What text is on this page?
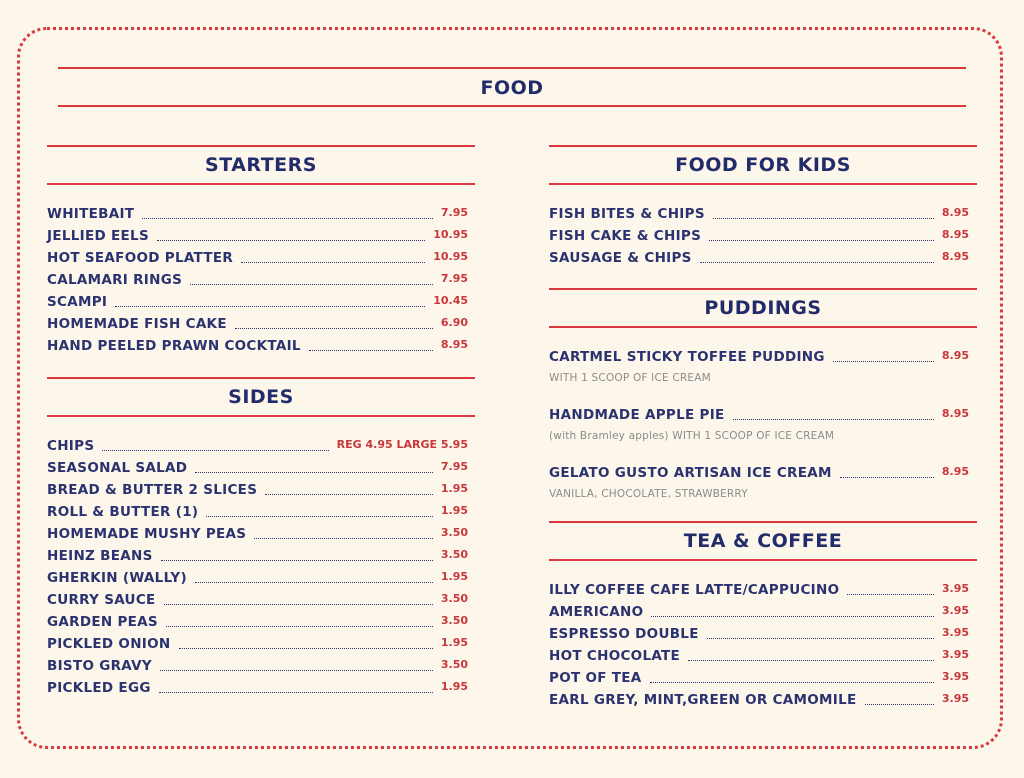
FOOD
STARTERS
WHITEBAIT	7.95
JELLIED EELS	10.95
HOT SEAFOOD PLATTER	10.95
CALAMARI RINGS	7.95
SCAMPI	10.45
HOMEMADE FISH CAKE	6.90
HAND PEELED PRAWN COCKTAIL	8.95
SIDES
CHIPS	REG 4.95 LARGE 5.95
SEASONAL SALAD	7.95
BREAD & BUTTER 2 SLICES	1.95
ROLL & BUTTER (1)	1.95
HOMEMADE MUSHY PEAS	3.50
HEINZ BEANS	3.50
GHERKIN (WALLY)	1.95
CURRY SAUCE	3.50
GARDEN PEAS	3.50
PICKLED ONION	1.95
BISTO GRAVY	3.50
PICKLED EGG	1.95
FOOD FOR KIDS
FISH BITES & CHIPS	8.95
FISH CAKE & CHIPS	8.95
SAUSAGE & CHIPS	8.95
PUDDINGS
CARTMEL STICKY TOFFEE PUDDING	8.95
WITH 1 SCOOP OF ICE CREAM
HANDMADE APPLE PIE	8.95
(with Bramley apples) WITH 1 SCOOP OF ICE CREAM
GELATO GUSTO ARTISAN ICE CREAM	8.95
VANILLA, CHOCOLATE, STRAWBERRY
TEA & COFFEE
ILLY COFFEE CAFE LATTE/CAPPUCINO	3.95
AMERICANO	3.95
ESPRESSO DOUBLE	3.95
HOT CHOCOLATE	3.95
POT OF TEA	3.95
EARL GREY, MINT,GREEN OR CAMOMILE	3.95
